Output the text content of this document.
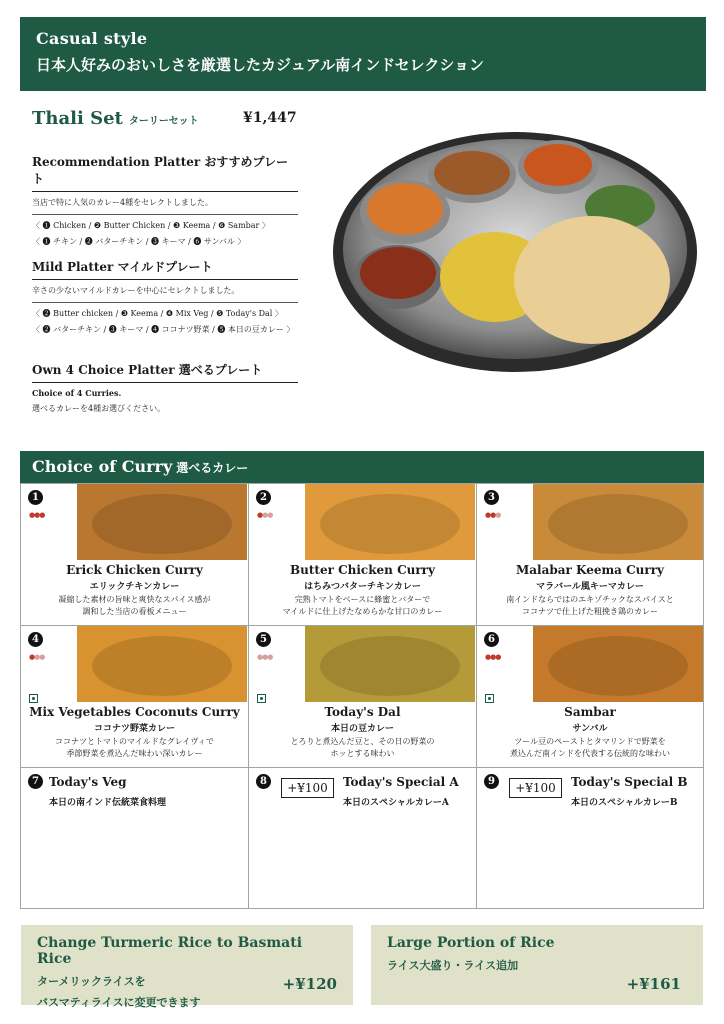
Casual style
日本人好みのおいしさを厳選したカジュアル南インドセレクション
Thali Set ターリーセット	¥1,447
Recommendation Platter おすすめプレート
当店で特に人気のカレー4種をセレクトしました。
〈 ❶ Chicken / ❷ Butter Chicken / ❸ Keema / ❻ Sambar 〉
〈 ❶ チキン / ❷ バターチキン / ❸ キーマ / ❻ サンバル 〉
Mild Platter マイルドプレート
辛さの少ないマイルドカレーを中心にセレクトしました。
〈 ❷ Butter chicken / ❸ Keema / ❹ Mix Veg / ❺ Today's Dal 〉
〈 ❷ バターチキン / ❸ キーマ / ❹ ココナツ野菜 / ❺ 本日の豆カレー 〉
Own 4 Choice Platter 選べるプレート
Choice of 4 Curries.
選べるカレーを4種お選びください。
Choice of Curry 選べるカレー
1
●●●
Erick Chicken Curry
エリックチキンカレー
凝縮した素材の旨味と爽快なスパイス感が
調和した当店の看板メニュー
2
●●●
Butter Chicken Curry
はちみつバターチキンカレー
完熟トマトをベースに蜂蜜とバターで
マイルドに仕上げたなめらかな甘口のカレー
3
●●●
Malabar Keema Curry
マラバール風キーマカレー
南インドならではのエキゾチックなスパイスと
ココナツで仕上げた粗挽き鶏のカレー
4
●●●
Mix Vegetables Coconuts Curry
ココナツ野菜カレー
ココナツとトマトのマイルドなグレイヴィで
季節野菜を煮込んだ味わい深いカレー
5
●●●
Today's Dal
本日の豆カレー
とろりと煮込んだ豆と、その日の野菜の
ホッとする味わい
6
●●●
Sambar
サンバル
ツール豆のペーストとタマリンドで野菜を
煮込んだ南インドを代表する伝統的な味わい
7 Today's Veg
本日の南インド伝統菜食料理
8	+¥100	Today's Special A
本日のスペシャルカレーA
9	+¥100	Today's Special B
本日のスペシャルカレーB
Change Turmeric Rice to Basmati Rice
ターメリックライスを
バスマティライスに変更できます
+¥120
Large Portion of Rice
ライス大盛り・ライス追加
+¥161
